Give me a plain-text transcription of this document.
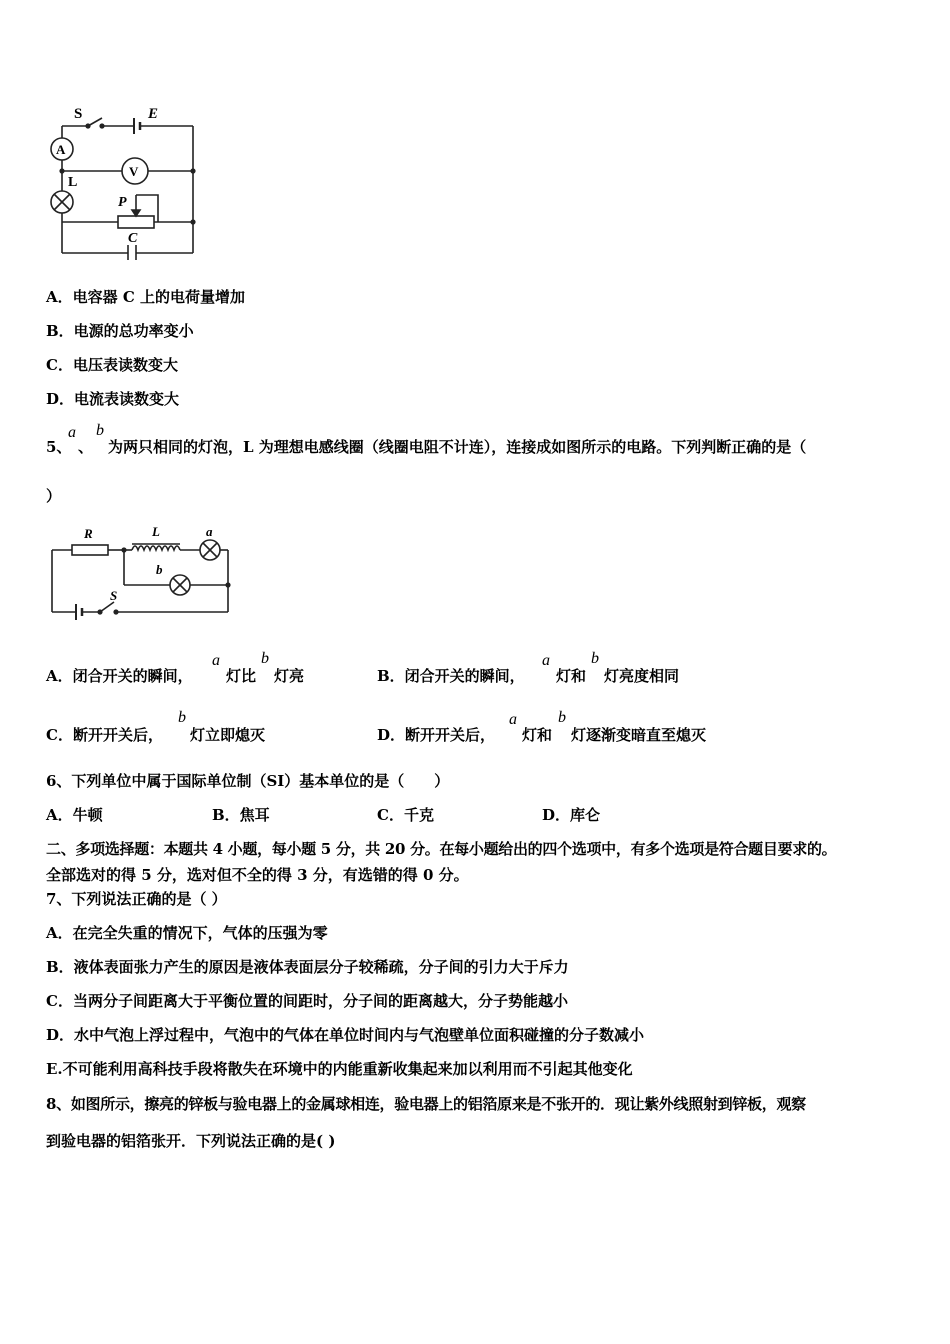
S	E
A
V
L
P
C
A．电容器 C 上的电荷量增加
B．电源的总功率变小
C．电压表读数变大
D．电流表读数变大
5、
a
、
b
为两只相同的灯泡，L 为理想电感线圈（线圈电阻不计连），连接成如图所示的电路。下列判断正确的是（
）
R	L	a
b
S
A．闭合开关的瞬间，
a
灯比
b
灯亮	B．闭合开关的瞬间，
a
灯和
b
灯亮度相同
C．断开开关后，
b
灯立即熄灭	D．断开开关后，
a
灯和
b
灯逐渐变暗直至熄灭
6、下列单位中属于国际单位制（SI）基本单位的是（　　）
A．牛顿	B．焦耳	C．千克	D．库仑
二、多项选择题：本题共 4 小题，每小题 5 分，共 20 分。在每小题给出的四个选项中，有多个选项是符合题目要求的。
全部选对的得 5 分，选对但不全的得 3 分，有选错的得 0 分。
7、下列说法正确的是（ ）
A．在完全失重的情况下，气体的压强为零
B．液体表面张力产生的原因是液体表面层分子较稀疏，分子间的引力大于斥力
C．当两分子间距离大于平衡位置的间距时，分子间的距离越大，分子势能越小
D．水中气泡上浮过程中，气泡中的气体在单位时间内与气泡壁单位面积碰撞的分子数减小
E.不可能利用高科技手段将散失在环境中的内能重新收集起来加以利用而不引起其他变化
8、如图所示，擦亮的锌板与验电器上的金属球相连，验电器上的铝箔原来是不张开的．现让紫外线照射到锌板，观察
到验电器的铝箔张开．下列说法正确的是( )
